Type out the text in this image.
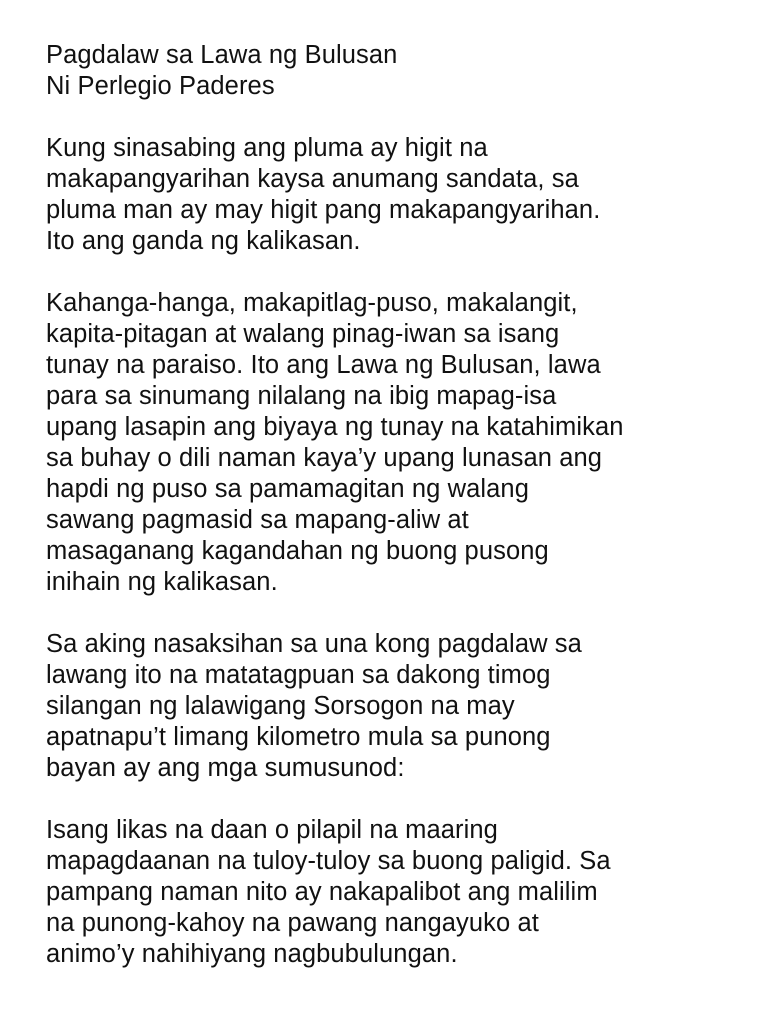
Pagdalaw sa Lawa ng Bulusan
Ni Perlegio Paderes
Kung sinasabing ang pluma ay higit na
makapangyarihan kaysa anumang sandata, sa
pluma man ay may higit pang makapangyarihan.
Ito ang ganda ng kalikasan.
Kahanga-hanga, makapitlag-puso, makalangit,
kapita-pitagan at walang pinag-iwan sa isang
tunay na paraiso. Ito ang Lawa ng Bulusan, lawa
para sa sinumang nilalang na ibig mapag-isa
upang lasapin ang biyaya ng tunay na katahimikan
sa buhay o dili naman kaya’y upang lunasan ang
hapdi ng puso sa pamamagitan ng walang
sawang pagmasid sa mapang-aliw at
masaganang kagandahan ng buong pusong
inihain ng kalikasan.
Sa aking nasaksihan sa una kong pagdalaw sa
lawang ito na matatagpuan sa dakong timog
silangan ng lalawigang Sorsogon na may
apatnapu’t limang kilometro mula sa punong
bayan ay ang mga sumusunod:
Isang likas na daan o pilapil na maaring
mapagdaanan na tuloy-tuloy sa buong paligid. Sa
pampang naman nito ay nakapalibot ang malilim
na punong-kahoy na pawang nangayuko at
animo’y nahihiyang nagbubulungan.
